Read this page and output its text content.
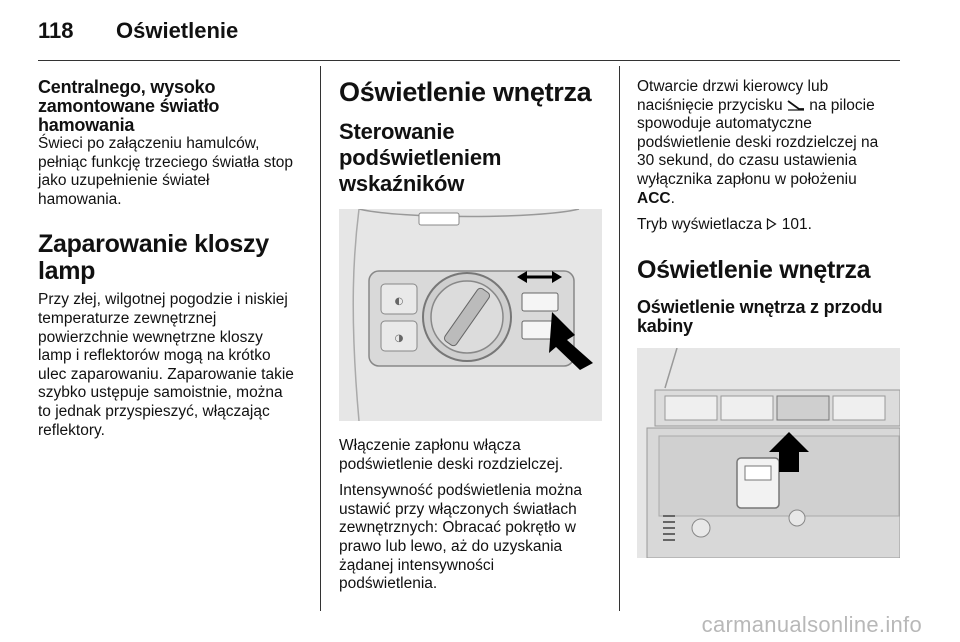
118 Oświetlenie
Centralnego, wysoko
zamontowane światło
hamowania

Świeci po załączeniu hamulców,
pełniąc funkcję trzeciego światła stop
jako uzupełnienie świateł
hamowania.

Zaparowanie kloszy lamp

Przy złej, wilgotnej pogodzie i niskiej
temperaturze zewnętrznej
powierzchnie wewnętrzne kloszy
lamp i reflektorów mogą na krótko
ulec zaparowaniu. Zaparowanie takie
szybko ustępuje samoistnie, można
to jednak przyspieszyć, włączając
reflektory.

Oświetlenie wnętrza
Sterowanie
podświetleniem
wskaźników
◐
◑

Włączenie zapłonu włącza
podświetlenie deski rozdzielczej.

Intensywność podświetlenia można
ustawić przy włączonych światłach
zewnętrznych: Obracać pokrętło w
prawo lub lewo, aż do uzyskania
żądanej intensywności
podświetlenia.

Otwarcie drzwi kierowcy lub
naciśnięcie przycisku  na pilocie
spowoduje automatyczne
podświetlenie deski rozdzielczej na
30 sekund, do czasu ustawienia
wyłącznika zapłonu w położeniu
ACC.

Tryb wyświetlacza  101.

Oświetlenie wnętrza
Oświetlenie wnętrza z przodu
kabiny
carmanualsonline.info
